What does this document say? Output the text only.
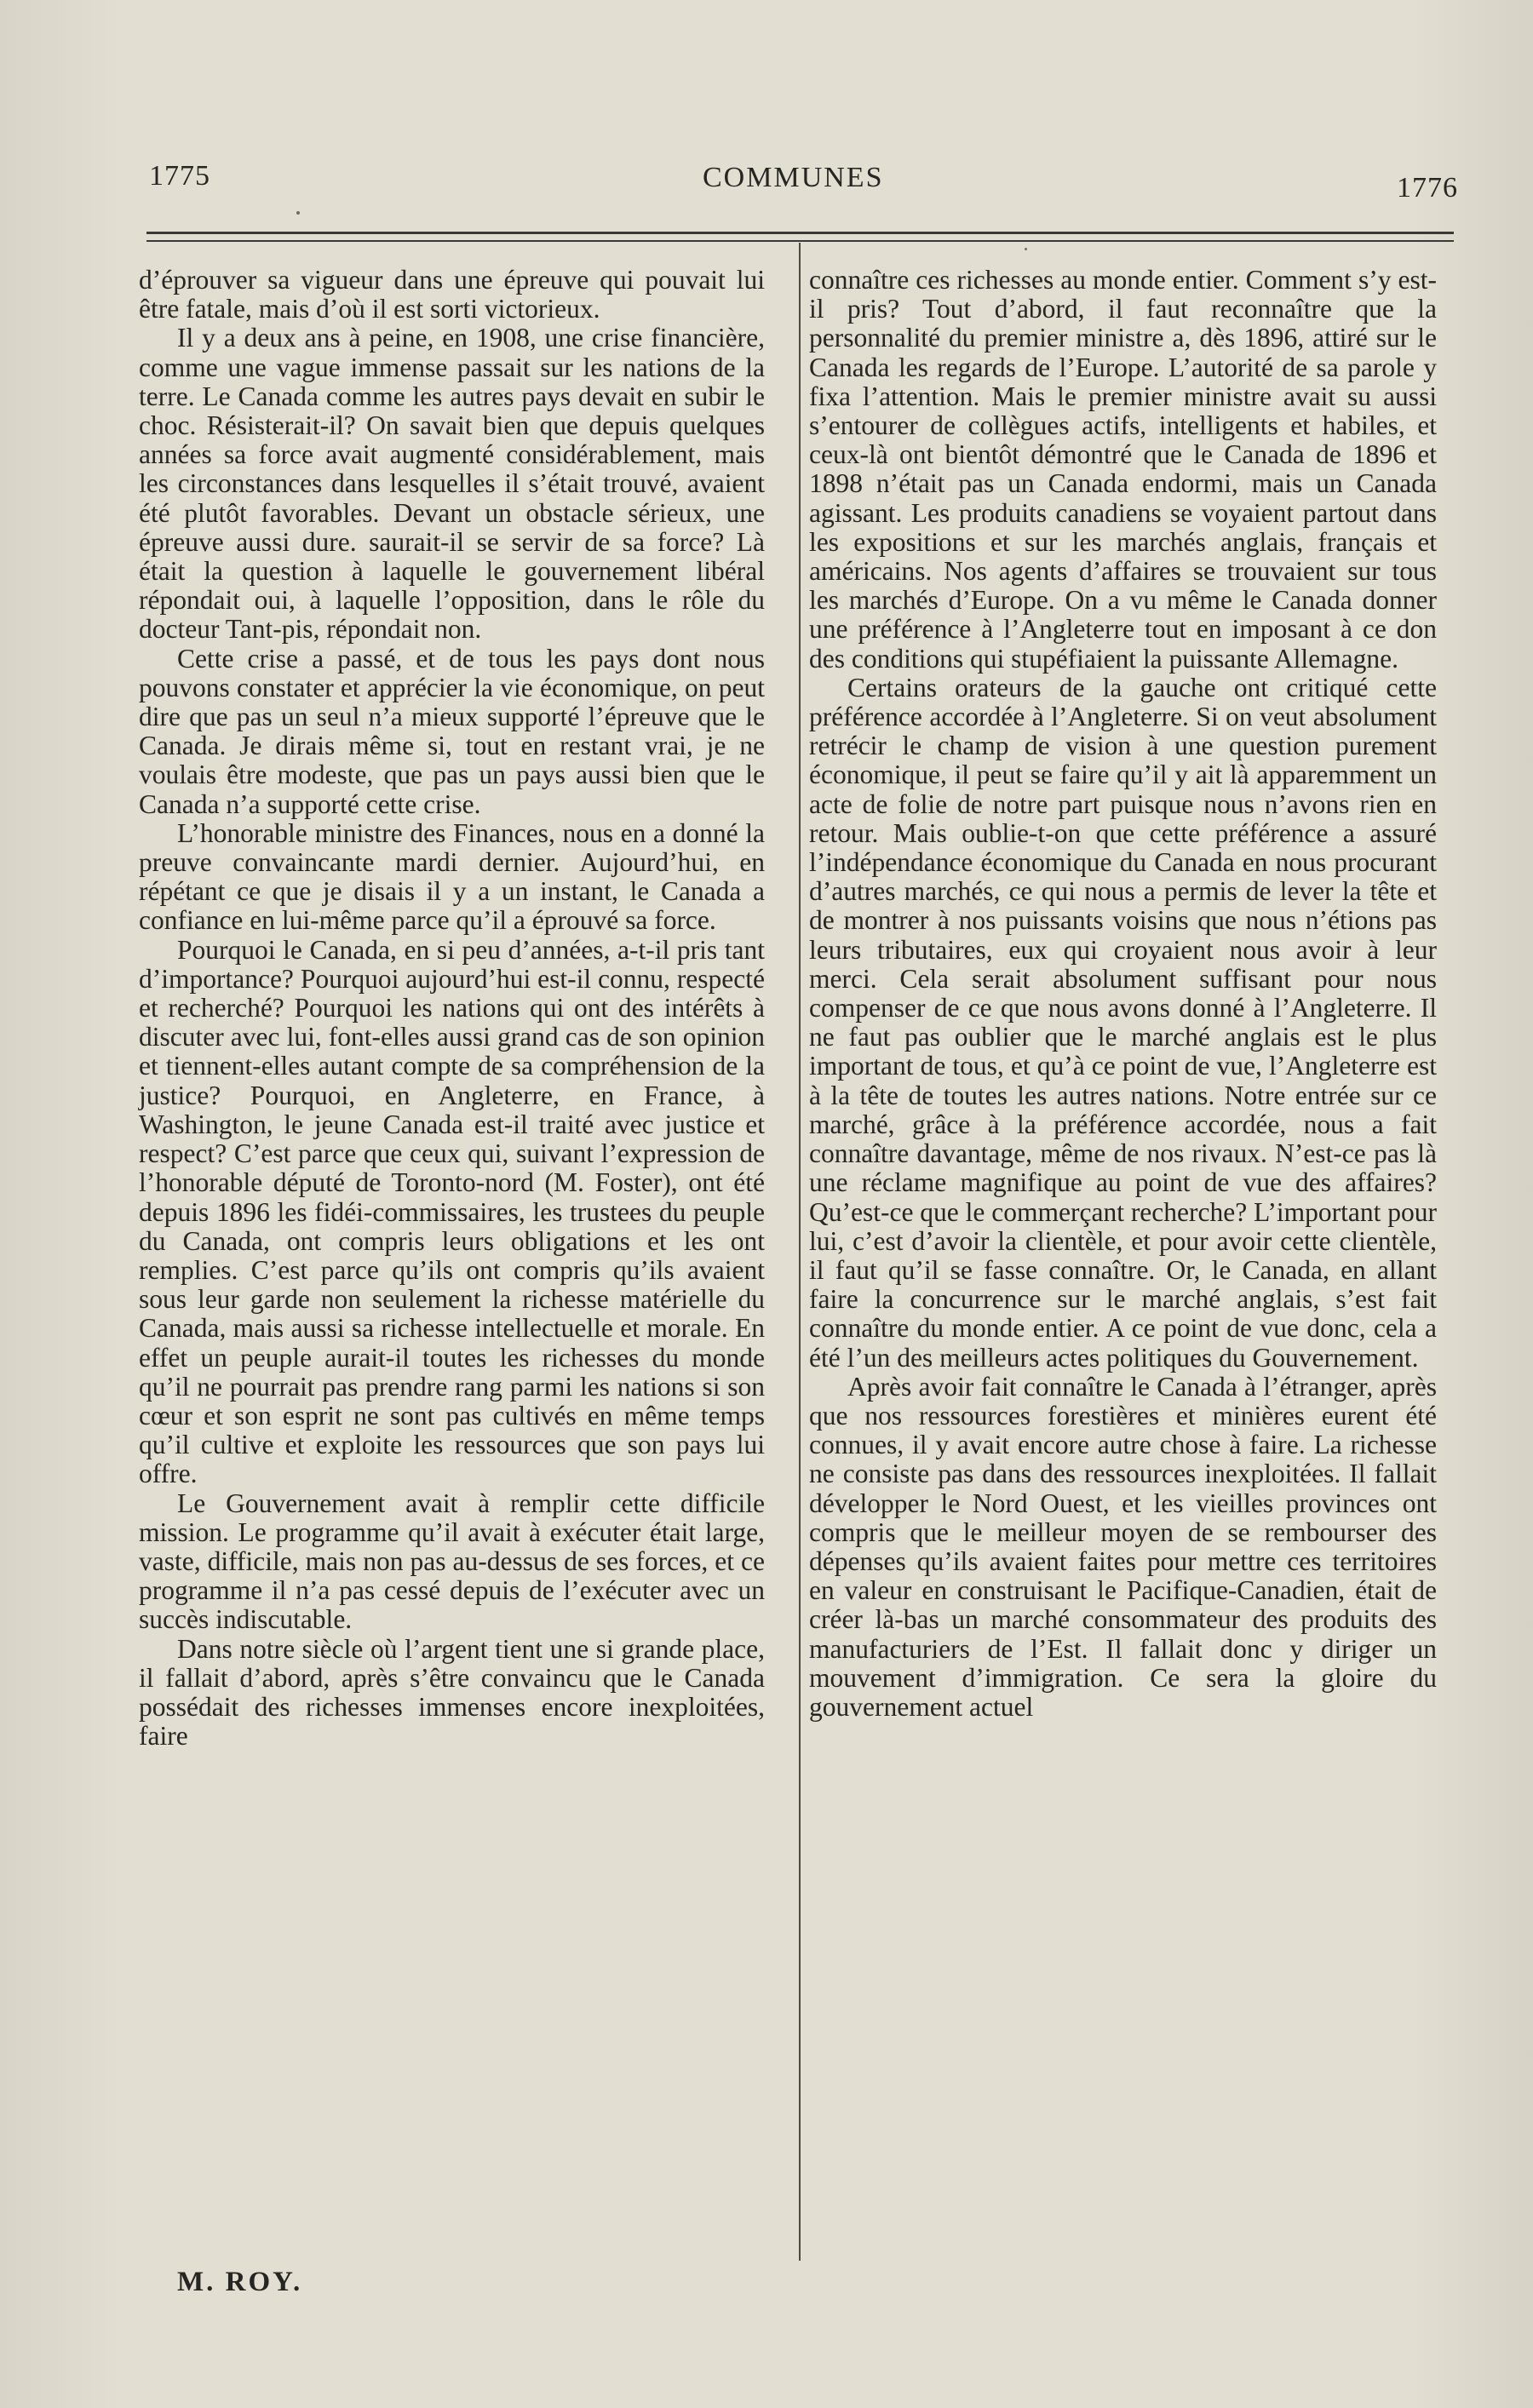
1775	COMMUNES	1776

d’éprouver sa vigueur dans une épreuve qui pouvait lui être fatale, mais d’où il est sorti victorieux.

Il y a deux ans à peine, en 1908, une crise financière, comme une vague immense passait sur les nations de la terre. Le Canada comme les autres pays devait en subir le choc. Résisterait-il? On savait bien que depuis quelques années sa force avait augmenté considérablement, mais les circonstances dans lesquelles il s’était trouvé, avaient été plutôt favorables. Devant un obstacle sérieux, une épreuve aussi dure. saurait-il se servir de sa force? Là était la question à laquelle le gouvernement libéral répondait oui, à laquelle l’opposition, dans le rôle du docteur Tant-pis, répondait non.

Cette crise a passé, et de tous les pays dont nous pouvons constater et apprécier la vie économique, on peut dire que pas un seul n’a mieux supporté l’épreuve que le Canada. Je dirais même si, tout en restant vrai, je ne voulais être modeste, que pas un pays aussi bien que le Canada n’a supporté cette crise.

L’honorable ministre des Finances, nous en a donné la preuve convaincante mardi dernier. Aujourd’hui, en répétant ce que je disais il y a un instant, le Canada a confiance en lui-même parce qu’il a éprouvé sa force.

Pourquoi le Canada, en si peu d’années, a-t-il pris tant d’importance? Pourquoi aujourd’hui est-il connu, respecté et recherché? Pourquoi les nations qui ont des intérêts à discuter avec lui, font-elles aussi grand cas de son opinion et tiennent-elles autant compte de sa compréhension de la justice? Pourquoi, en Angleterre, en France, à Washington, le jeune Canada est-il traité avec justice et respect? C’est parce que ceux qui, suivant l’expression de l’honorable député de Toronto-nord (M. Foster), ont été depuis 1896 les fidéi-commissaires, les trustees du peuple du Canada, ont compris leurs obligations et les ont remplies. C’est parce qu’ils ont compris qu’ils avaient sous leur garde non seulement la richesse matérielle du Canada, mais aussi sa richesse intellectuelle et morale. En effet un peuple aurait-il toutes les richesses du monde qu’il ne pourrait pas prendre rang parmi les nations si son cœur et son esprit ne sont pas cultivés en même temps qu’il cultive et exploite les ressources que son pays lui offre.

Le Gouvernement avait à remplir cette difficile mission. Le programme qu’il avait à exécuter était large, vaste, difficile, mais non pas au-dessus de ses forces, et ce programme il n’a pas cessé depuis de l’exécuter avec un succès indiscutable.

Dans notre siècle où l’argent tient une si grande place, il fallait d’abord, après s’être convaincu que le Canada possédait des richesses immenses encore inexploitées, faire

connaître ces richesses au monde entier. Comment s’y est-il pris? Tout d’abord, il faut reconnaître que la personnalité du premier ministre a, dès 1896, attiré sur le Canada les regards de l’Europe. L’autorité de sa parole y fixa l’attention. Mais le premier ministre avait su aussi s’entourer de collègues actifs, intelligents et habiles, et ceux-là ont bientôt démontré que le Canada de 1896 et 1898 n’était pas un Canada endormi, mais un Canada agissant. Les produits canadiens se voyaient partout dans les expositions et sur les marchés anglais, français et américains. Nos agents d’affaires se trouvaient sur tous les marchés d’Europe. On a vu même le Canada donner une préférence à l’Angleterre tout en imposant à ce don des conditions qui stupéfiaient la puissante Allemagne.

Certains orateurs de la gauche ont critiqué cette préférence accordée à l’Angleterre. Si on veut absolument retrécir le champ de vision à une question purement économique, il peut se faire qu’il y ait là apparemment un acte de folie de notre part puisque nous n’avons rien en retour. Mais oublie-t-on que cette préférence a assuré l’indépendance économique du Canada en nous procurant d’autres marchés, ce qui nous a permis de lever la tête et de montrer à nos puissants voisins que nous n’étions pas leurs tributaires, eux qui croyaient nous avoir à leur merci. Cela serait absolument suffisant pour nous compenser de ce que nous avons donné à l’Angleterre. Il ne faut pas oublier que le marché anglais est le plus important de tous, et qu’à ce point de vue, l’Angleterre est à la tête de toutes les autres nations. Notre entrée sur ce marché, grâce à la préférence accordée, nous a fait connaître davantage, même de nos rivaux. N’est-ce pas là une réclame magnifique au point de vue des affaires? Qu’est-ce que le commerçant recherche? L’important pour lui, c’est d’avoir la clientèle, et pour avoir cette clientèle, il faut qu’il se fasse connaître. Or, le Canada, en allant faire la concurrence sur le marché anglais, s’est fait connaître du monde entier. A ce point de vue donc, cela a été l’un des meilleurs actes politiques du Gouvernement.

Après avoir fait connaître le Canada à l’étranger, après que nos ressources forestières et minières eurent été connues, il y avait encore autre chose à faire. La richesse ne consiste pas dans des ressources inexploitées. Il fallait développer le Nord Ouest, et les vieilles provinces ont compris que le meilleur moyen de se rembourser des dépenses qu’ils avaient faites pour mettre ces territoires en valeur en construisant le Pacifique-Canadien, était de créer là-bas un marché consommateur des produits des manufacturiers de l’Est. Il fallait donc y diriger un mouvement d’immigration. Ce sera la gloire du gouvernement actuel

M. ROY.
